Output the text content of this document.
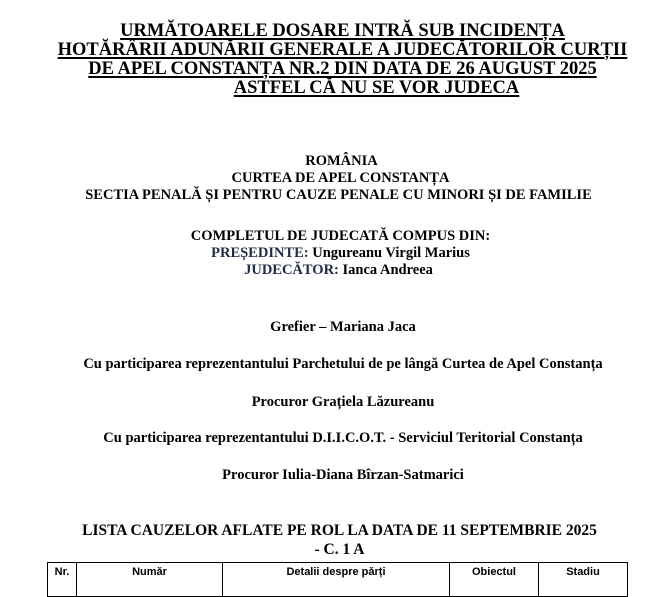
URMĂTOARELE DOSARE INTRĂ SUB INCIDENȚA
HOTĂRÂRII ADUNĂRII GENERALE A JUDECĂTORILOR CURȚII
DE APEL CONSTANȚA NR.2 DIN DATA DE 26 AUGUST 2025
ASTFEL CĂ NU SE VOR JUDECA
ROMÂNIA
CURTEA DE APEL CONSTANȚA
SECTIA PENALĂ ȘI PENTRU CAUZE PENALE CU MINORI ȘI DE FAMILIE
COMPLETUL DE JUDECATĂ COMPUS DIN:
PREȘEDINTE: Ungureanu Virgil Marius
JUDECĂTOR: Ianca Andreea
Grefier – Mariana Jaca
Cu participarea reprezentantului Parchetului de pe lângă Curtea de Apel Constanța
Procuror Grațiela Lăzureanu
Cu participarea reprezentantului D.I.I.C.O.T. - Serviciul Teritorial Constanța
Procuror Iulia-Diana Bîrzan-Satmarici
LISTA CAUZELOR AFLATE PE ROL LA DATA DE 11 SEPTEMBRIE 2025
- C. 1 A
Nr.	Număr	Detalii despre părți	Obiectul	Stadiu
